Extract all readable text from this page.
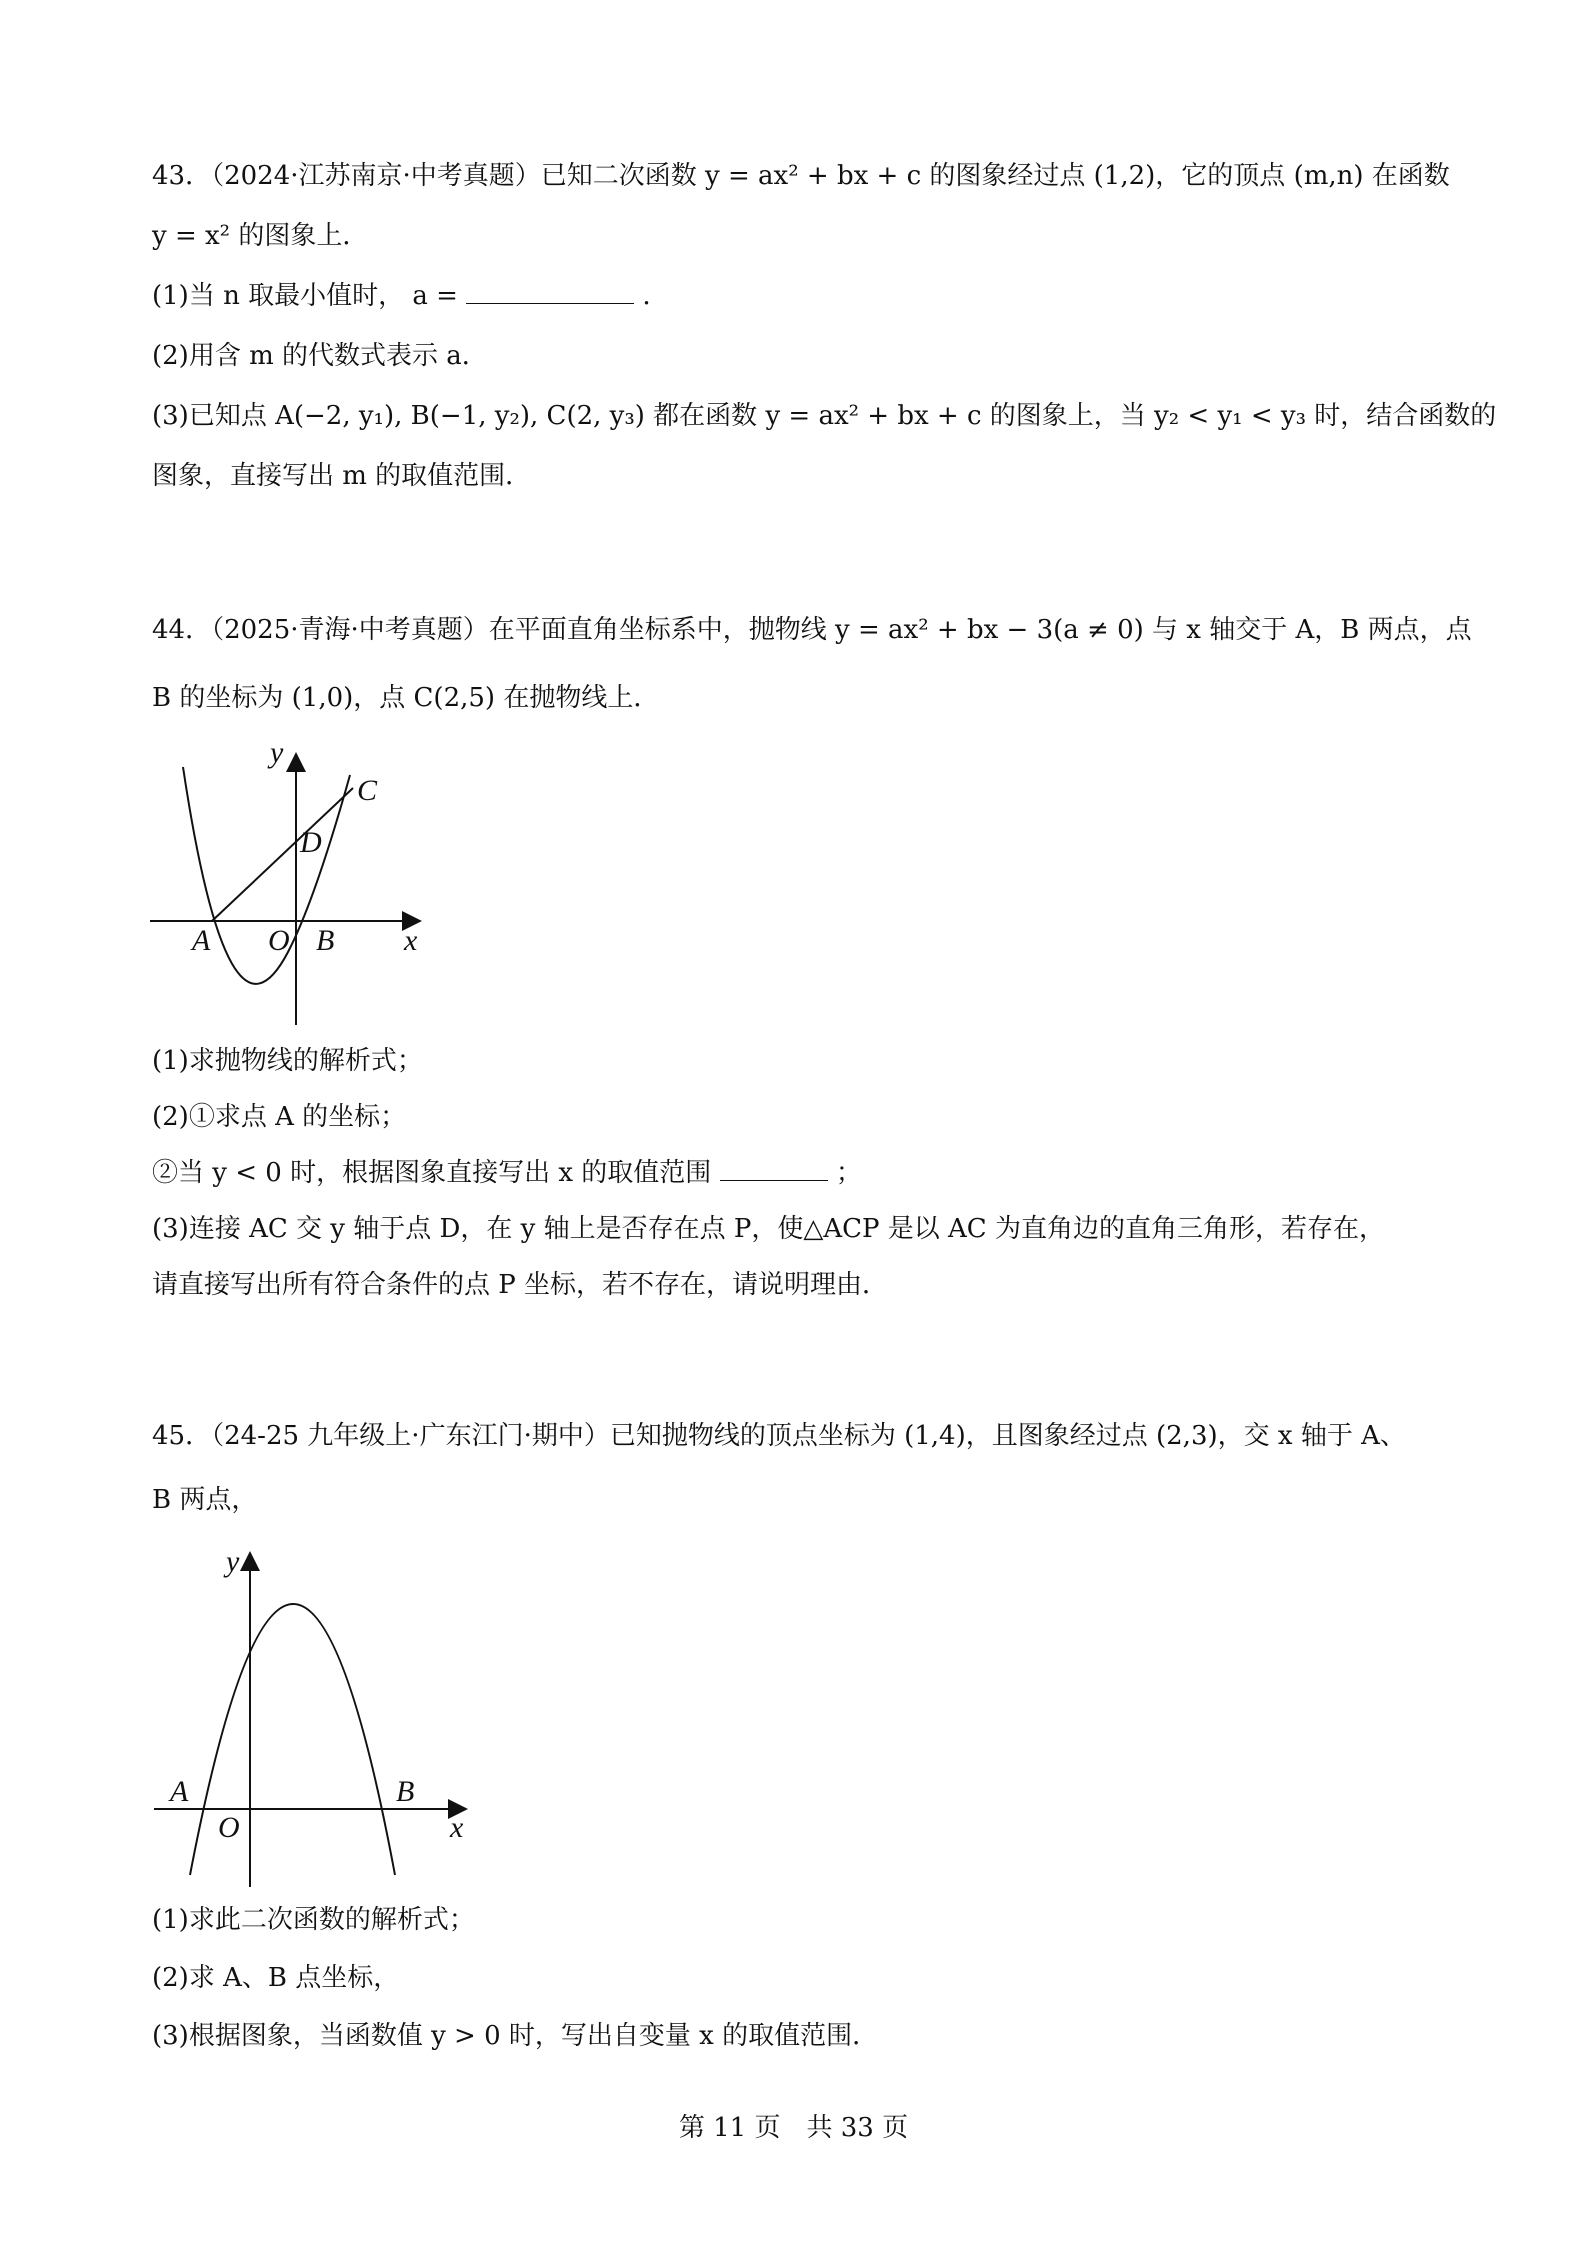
43．（2024·江苏南京·中考真题）已知二次函数 y = ax² + bx + c 的图象经过点 (1,2)，它的顶点 (m,n) 在函数
y = x² 的图象上．
(1)当 n 取最小值时， a =	．
(2)用含 m 的代数式表示 a．
(3)已知点 A(−2, y₁), B(−1, y₂), C(2, y₃) 都在函数 y = ax² + bx + c 的图象上，当 y₂ < y₁ < y₃ 时，结合函数的
图象，直接写出 m 的取值范围．
44．（2025·青海·中考真题）在平面直角坐标系中，抛物线 y = ax² + bx − 3(a ≠ 0) 与 x 轴交于 A，B 两点，点
B 的坐标为 (1,0)，点 C(2,5) 在抛物线上．
y
x
A O B
C
D
(1)求抛物线的解析式；
(2)①求点 A 的坐标；
②当 y < 0 时，根据图象直接写出 x 的取值范围	；
(3)连接 AC 交 y 轴于点 D，在 y 轴上是否存在点 P，使△ACP 是以 AC 为直角边的直角三角形，若存在，
请直接写出所有符合条件的点 P 坐标，若不存在，请说明理由．
45．（24-25 九年级上·广东江门·期中）已知抛物线的顶点坐标为 (1,4)，且图象经过点 (2,3)，交 x 轴于 A、
B 两点，
y
x
A
O
B
(1)求此二次函数的解析式；
(2)求 A、B 点坐标，
(3)根据图象，当函数值 y > 0 时，写出自变量 x 的取值范围．
第 11 页　共 33 页
